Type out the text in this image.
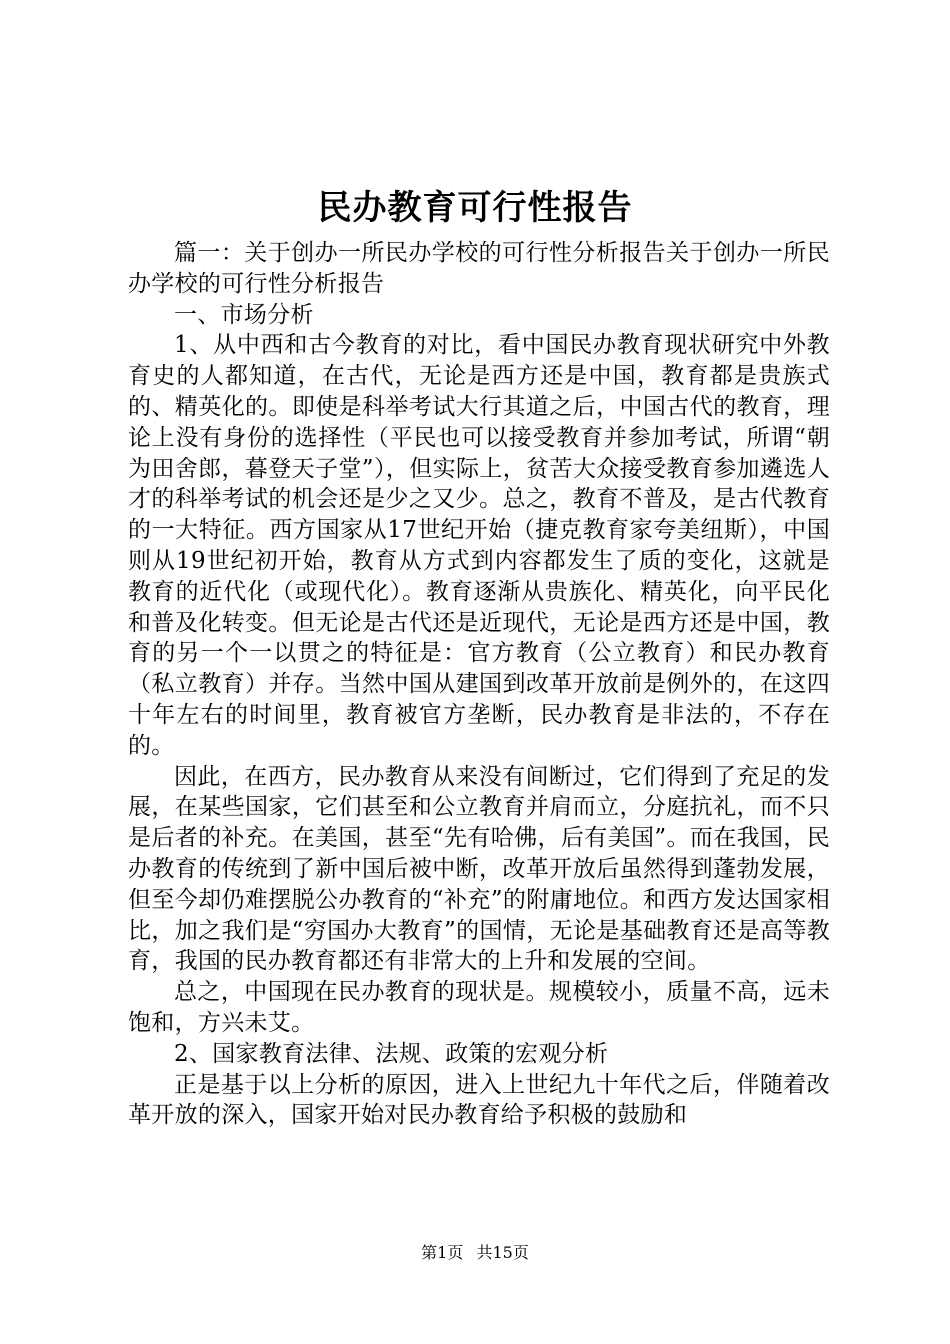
民办教育可行性报告

篇一：关于创办一所民办学校的可行性分析报告关于创办一所民办学校的可行性分析报告

一、市场分析

1、从中西和古今教育的对比，看中国民办教育现状研究中外教育史的人都知道，在古代，无论是西方还是中国，教育都是贵族式的、精英化的。即使是科举考试大行其道之后，中国古代的教育，理论上没有身份的选择性（平民也可以接受教育并参加考试，所谓“朝为田舍郎，暮登天子堂”），但实际上，贫苦大众接受教育参加遴选人才的科举考试的机会还是少之又少。总之，教育不普及，是古代教育的一大特征。西方国家从17世纪开始（捷克教育家夸美纽斯），中国则从19世纪初开始，教育从方式到内容都发生了质的变化，这就是教育的近代化（或现代化）。教育逐渐从贵族化、精英化，向平民化和普及化转变。但无论是古代还是近现代，无论是西方还是中国，教育的另一个一以贯之的特征是：官方教育（公立教育）和民办教育（私立教育）并存。当然中国从建国到改革开放前是例外的，在这四十年左右的时间里，教育被官方垄断，民办教育是非法的，不存在的。

因此，在西方，民办教育从来没有间断过，它们得到了充足的发展，在某些国家，它们甚至和公立教育并肩而立，分庭抗礼，而不只是后者的补充。在美国，甚至“先有哈佛，后有美国”。而在我国，民办教育的传统到了新中国后被中断，改革开放后虽然得到蓬勃发展，但至今却仍难摆脱公办教育的“补充”的附庸地位。和西方发达国家相比，加之我们是“穷国办大教育”的国情，无论是基础教育还是高等教育，我国的民办教育都还有非常大的上升和发展的空间。

总之，中国现在民办教育的现状是。规模较小，质量不高，远未饱和，方兴未艾。

2、国家教育法律、法规、政策的宏观分析

正是基于以上分析的原因，进入上世纪九十年代之后，伴随着改革开放的深入，国家开始对民办教育给予积极的鼓励和

第1页 共15页
